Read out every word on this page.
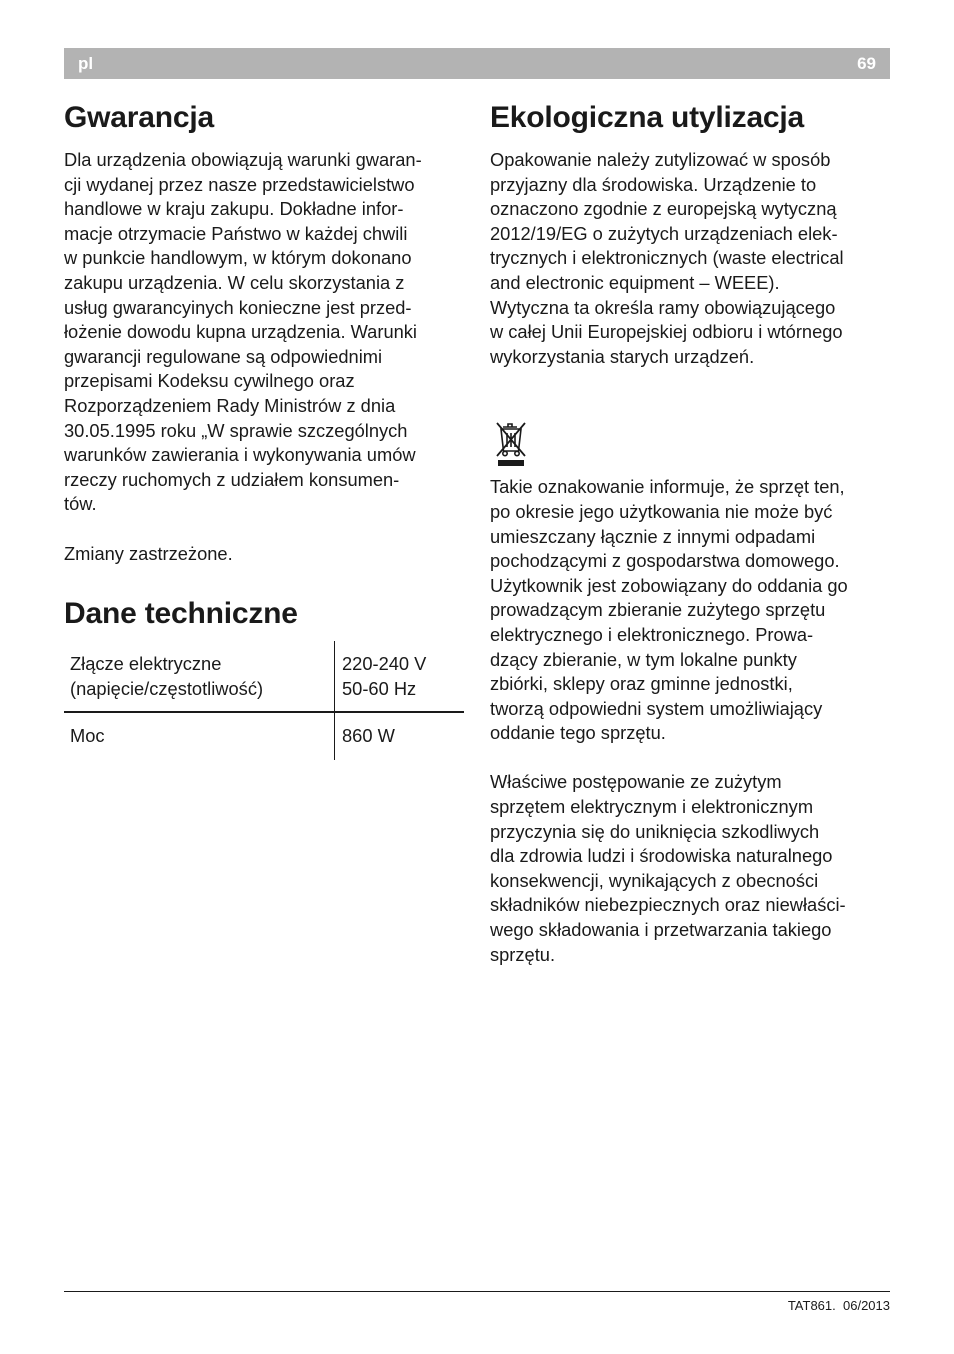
pl	69
Gwarancja

Dla urządzenia obowiązują warunki gwaran-
cji wydanej przez nasze przedstawicielstwo
handlowe w kraju zakupu. Dokładne infor-
macje otrzymacie Państwo w każdej chwili
w punkcie handlowym, w którym dokonano
zakupu urządzenia. W celu skorzystania z
usług gwarancyinych konieczne jest przed-
łożenie dowodu kupna urządzenia. Warunki
gwarancji regulowane są odpowiednimi
przepisami Kodeksu cywilnego oraz
Rozporządzeniem Rady Ministrów z dnia
30.05.1995 roku „W sprawie szczególnych
warunków zawierania i wykonywania umów
rzeczy ruchomych z udziałem konsumen-
tów.

Zmiany zastrzeżone.

Dane techniczne
Złącze elektryczne
(napięcie/częstotliwość)	220-240 V
50-60 Hz
Moc	860 W
Ekologiczna utylizacja

Opakowanie należy zutylizować w sposób
przyjazny dla środowiska. Urządzenie to
oznaczono zgodnie z europejską wytyczną
2012/19/EG o zużytych urządzeniach elek-
trycznych i elektronicznych (waste electrical
and electronic equipment – WEEE).
Wytyczna ta określa ramy obowiązującego
w całej Unii Europejskiej odbioru i wtórnego
wykorzystania starych urządzeń.

Takie oznakowanie informuje, że sprzęt ten,
po okresie jego użytkowania nie może być
umieszczany łącznie z innymi odpadami
pochodzącymi z gospodarstwa domowego.
Użytkownik jest zobowiązany do oddania go
prowadzącym zbieranie zużytego sprzętu
elektrycznego i elektronicznego. Prowa-
dzący zbieranie, w tym lokalne punkty
zbiórki, sklepy oraz gminne jednostki,
tworzą odpowiedni system umożliwiający
oddanie tego sprzętu.

Właściwe postępowanie ze zużytym
sprzętem elektrycznym i elektronicznym
przyczynia się do uniknięcia szkodliwych
dla zdrowia ludzi i środowiska naturalnego
konsekwencji, wynikających z obecności
składników niebezpiecznych oraz niewłaści-
wego składowania i przetwarzania takiego
sprzętu.

TAT861. 06/2013
